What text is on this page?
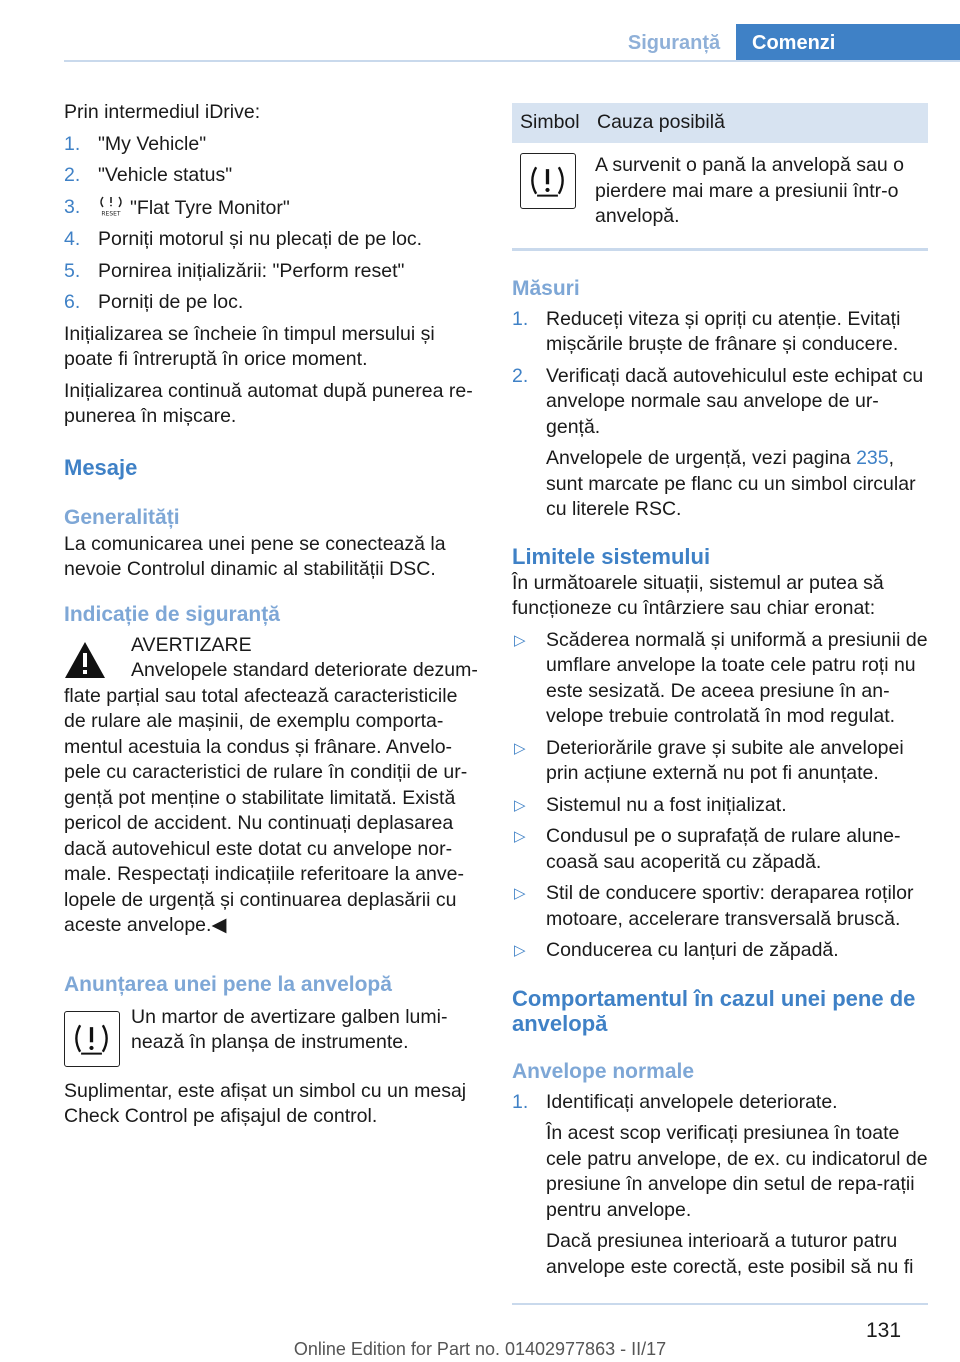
Siguranță	Comenzi

Prin intermediul iDrive:

1. "My Vehicle"
2. "Vehicle status"
3.	RESET "Flat Tyre Monitor"
4. Porniți motorul și nu plecați de pe loc.
5. Pornirea inițializării: "Perform reset"
6. Porniți de pe loc.

Inițializarea se încheie în timpul mersului și poate fi întreruptă în orice moment.

Inițializarea continuă automat după punerea re-punerea în mișcare.

Mesaje
Generalități

La comunicarea unei pene se conectează la nevoie Controlul dinamic al stabilității DSC.

Indicație de siguranță
AVERTIZARE
Anvelopele standard deteriorate dezum-flate parțial sau total afectează caracteristicile de rulare ale mașinii, de exemplu comporta-mentul acestuia la condus și frânare. Anvelo-pele cu caracteristici de rulare în condiții de ur-gență pot menține o stabilitate limitată. Există pericol de accident. Nu continuați deplasarea dacă autovehicul este dotat cu anvelope nor-male. Respectați indicațiile referitoare la anve-lopele de urgență și continuarea deplasării cu aceste anvelope.◀
Anunțarea unei pene la anvelopă

Un martor de avertizare galben lumi-nează în planșa de instrumente.

Suplimentar, este afișat un simbol cu un mesaj Check Control pe afișajul de control.

Simbol	Cauza posibilă

	A survenit o pană la anvelopă sau o pierdere mai mare a presiunii într-o anvelopă.
Măsuri
1. Reduceți viteza și opriți cu atenție. Evitați mișcările bruște de frânare și conducere.
2. Verificați dacă autovehiculul este echipat cu anvelope normale sau anvelope de ur-gență.
Anvelopele de urgență, vezi pagina 235, sunt marcate pe flanc cu un simbol circular cu literele RSC.
Limitele sistemului

În următoarele situații, sistemul ar putea să funcționeze cu întârziere sau chiar eronat:

▷ Scăderea normală și uniformă a presiunii de umflare anvelope la toate cele patru roți nu este sesizată. De aceea presiune în an-velope trebuie controlată în mod regulat.
▷ Deteriorările grave și subite ale anvelopei prin acțiune externă nu pot fi anunțate.
▷ Sistemul nu a fost inițializat.
▷ Condusul pe o suprafață de rulare alune-coasă sau acoperită cu zăpadă.
▷ Stil de conducere sportiv: deraparea roților motoare, accelerare transversală bruscă.
▷ Conducerea cu lanțuri de zăpadă.
Comportamentul în cazul unei pene de anvelopă
Anvelope normale
1. Identificați anvelopele deteriorate.
În acest scop verificați presiunea în toate cele patru anvelope, de ex. cu indicatorul de presiune în anvelope din setul de repa-rații pentru anvelope.
Dacă presiunea interioară a tuturor patru anvelope este corectă, este posibil să nu fi
131
Online Edition for Part no. 01402977863 - II/17
